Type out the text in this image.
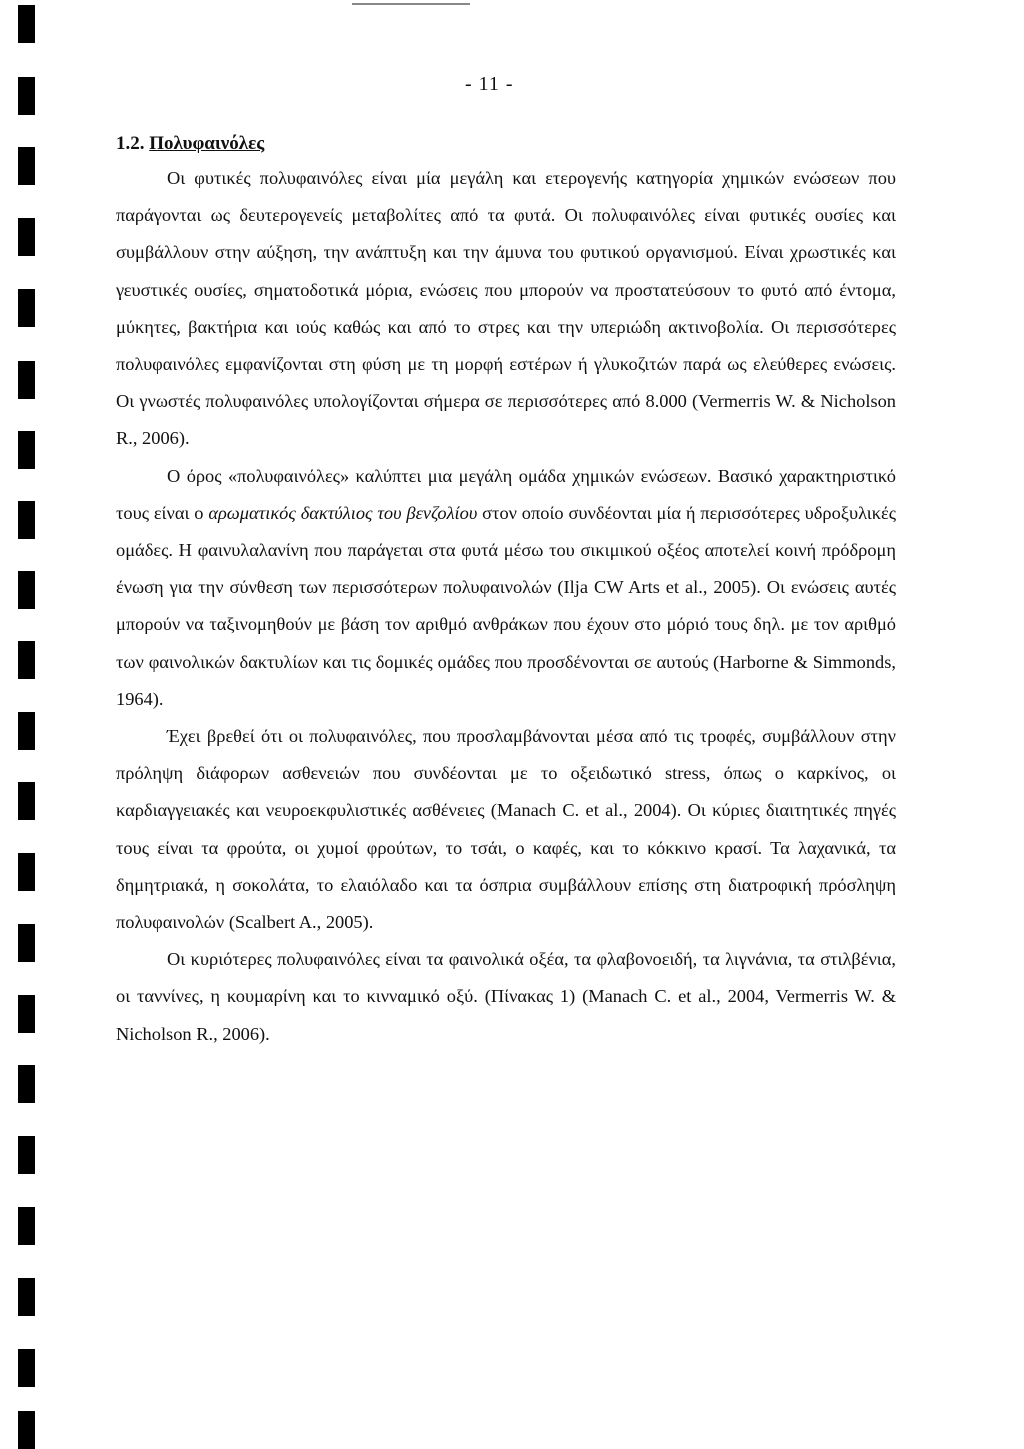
- 11 -
1.2. Πολυφαινόλες

Οι φυτικές πολυφαινόλες είναι μία μεγάλη και ετερογενής κατηγορία χημικών ενώσεων που παράγονται ως δευτερογενείς μεταβολίτες από τα φυτά. Οι πολυφαινόλες είναι φυτικές ουσίες και συμβάλλουν στην αύξηση, την ανάπτυξη και την άμυνα του φυτικού οργανισμού. Είναι χρωστικές και γευστικές ουσίες, σηματοδοτικά μόρια, ενώσεις που μπορούν να προστατεύσουν το φυτό από έντομα, μύκητες, βακτήρια και ιούς καθώς και από το στρες και την υπεριώδη ακτινοβολία. Οι περισσότερες πολυφαινόλες εμφανίζονται στη φύση με τη μορφή εστέρων ή γλυκοζιτών παρά ως ελεύθερες ενώσεις. Οι γνωστές πολυφαινόλες υπολογίζονται σήμερα σε περισσότερες από 8.000 (Vermerris W. & Nicholson R., 2006).

Ο όρος «πολυφαινόλες» καλύπτει μια μεγάλη ομάδα χημικών ενώσεων. Βασικό χαρακτηριστικό τους είναι ο αρωματικός δακτύλιος του βενζολίου στον οποίο συνδέονται μία ή περισσότερες υδροξυλικές ομάδες. Η φαινυλαλανίνη που παράγεται στα φυτά μέσω του σικιμικού οξέος αποτελεί κοινή πρόδρομη ένωση για την σύνθεση των περισσότερων πολυφαινολών (Ilja CW Arts et al., 2005). Οι ενώσεις αυτές μπορούν να ταξινομηθούν με βάση τον αριθμό ανθράκων που έχουν στο μόριό τους δηλ. με τον αριθμό των φαινολικών δακτυλίων και τις δομικές ομάδες που προσδένονται σε αυτούς (Harborne & Simmonds, 1964).

Έχει βρεθεί ότι οι πολυφαινόλες, που προσλαμβάνονται μέσα από τις τροφές, συμβάλλουν στην πρόληψη διάφορων ασθενειών που συνδέονται με το οξειδωτικό stress, όπως ο καρκίνος, οι καρδιαγγειακές και νευροεκφυλιστικές ασθένειες (Manach C. et al., 2004). Οι κύριες διαιτητικές πηγές τους είναι τα φρούτα, οι χυμοί φρούτων, το τσάι, ο καφές, και το κόκκινο κρασί. Τα λαχανικά, τα δημητριακά, η σοκολάτα, το ελαιόλαδο και τα όσπρια συμβάλλουν επίσης στη διατροφική πρόσληψη πολυφαινολών (Scalbert A., 2005).

Οι κυριότερες πολυφαινόλες είναι τα φαινολικά οξέα, τα φλαβονοειδή, τα λιγνάνια, τα στιλβένια, οι ταννίνες, η κουμαρίνη και το κινναμικό οξύ. (Πίνακας 1) (Manach C. et al., 2004, Vermerris W. & Nicholson R., 2006).
